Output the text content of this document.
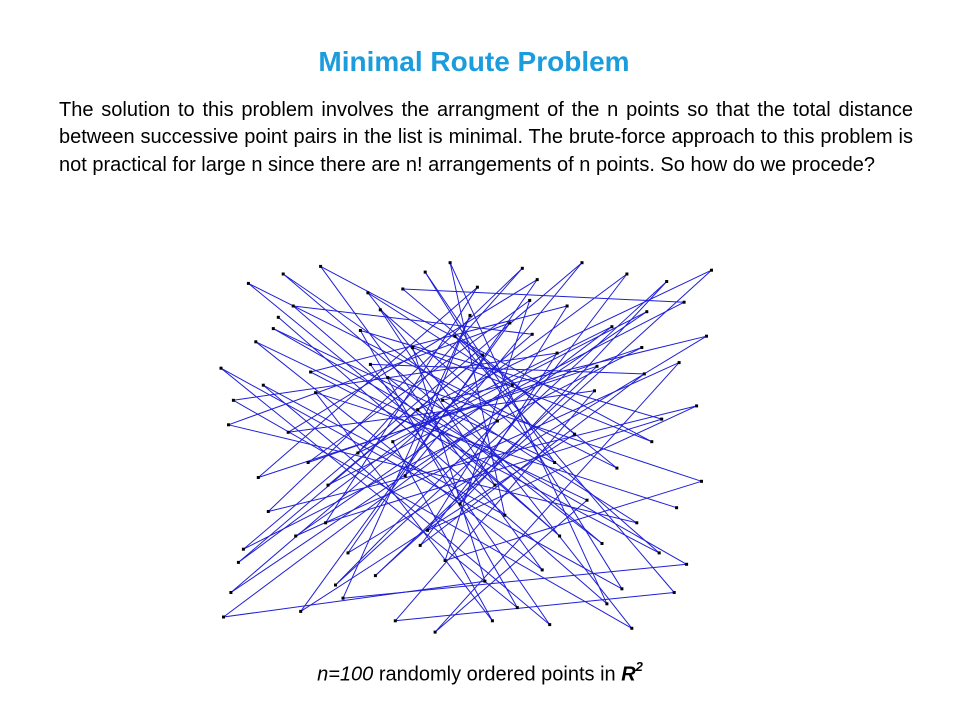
Minimal Route Problem
The solution to this problem involves the arrangment of the n points so that the total distance between successive point pairs in the list is minimal. The brute-force approach to this problem is not practical for large n since there are n! arrangements of n points. So how do we procede?
n=100 randomly ordered points in $R^2$
